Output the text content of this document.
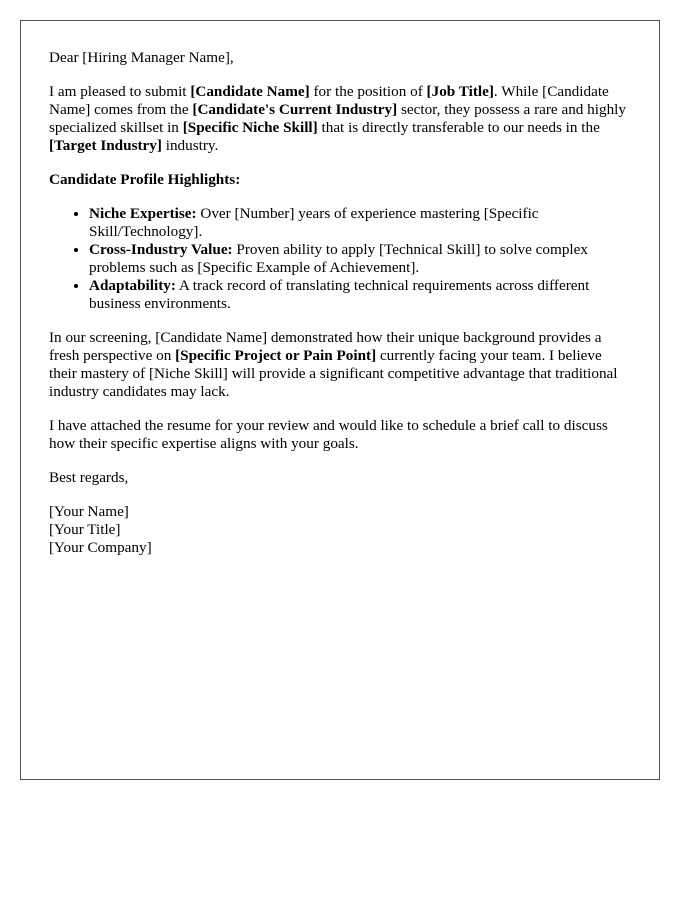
Dear [Hiring Manager Name],

I am pleased to submit [Candidate Name] for the position of [Job Title]. While [Candidate Name] comes from the [Candidate's Current Industry] sector, they possess a rare and highly specialized skillset in [Specific Niche Skill] that is directly transferable to our needs in the [Target Industry] industry.

Candidate Profile Highlights:

• Niche Expertise: Over [Number] years of experience mastering [Specific Skill/Technology].
• Cross-Industry Value: Proven ability to apply [Technical Skill] to solve complex problems such as [Specific Example of Achievement].
• Adaptability: A track record of translating technical requirements across different business environments.

In our screening, [Candidate Name] demonstrated how their unique background provides a fresh perspective on [Specific Project or Pain Point] currently facing your team. I believe their mastery of [Niche Skill] will provide a significant competitive advantage that traditional industry candidates may lack.

I have attached the resume for your review and would like to schedule a brief call to discuss how their specific expertise aligns with your goals.

Best regards,

[Your Name]
[Your Title]
[Your Company]
